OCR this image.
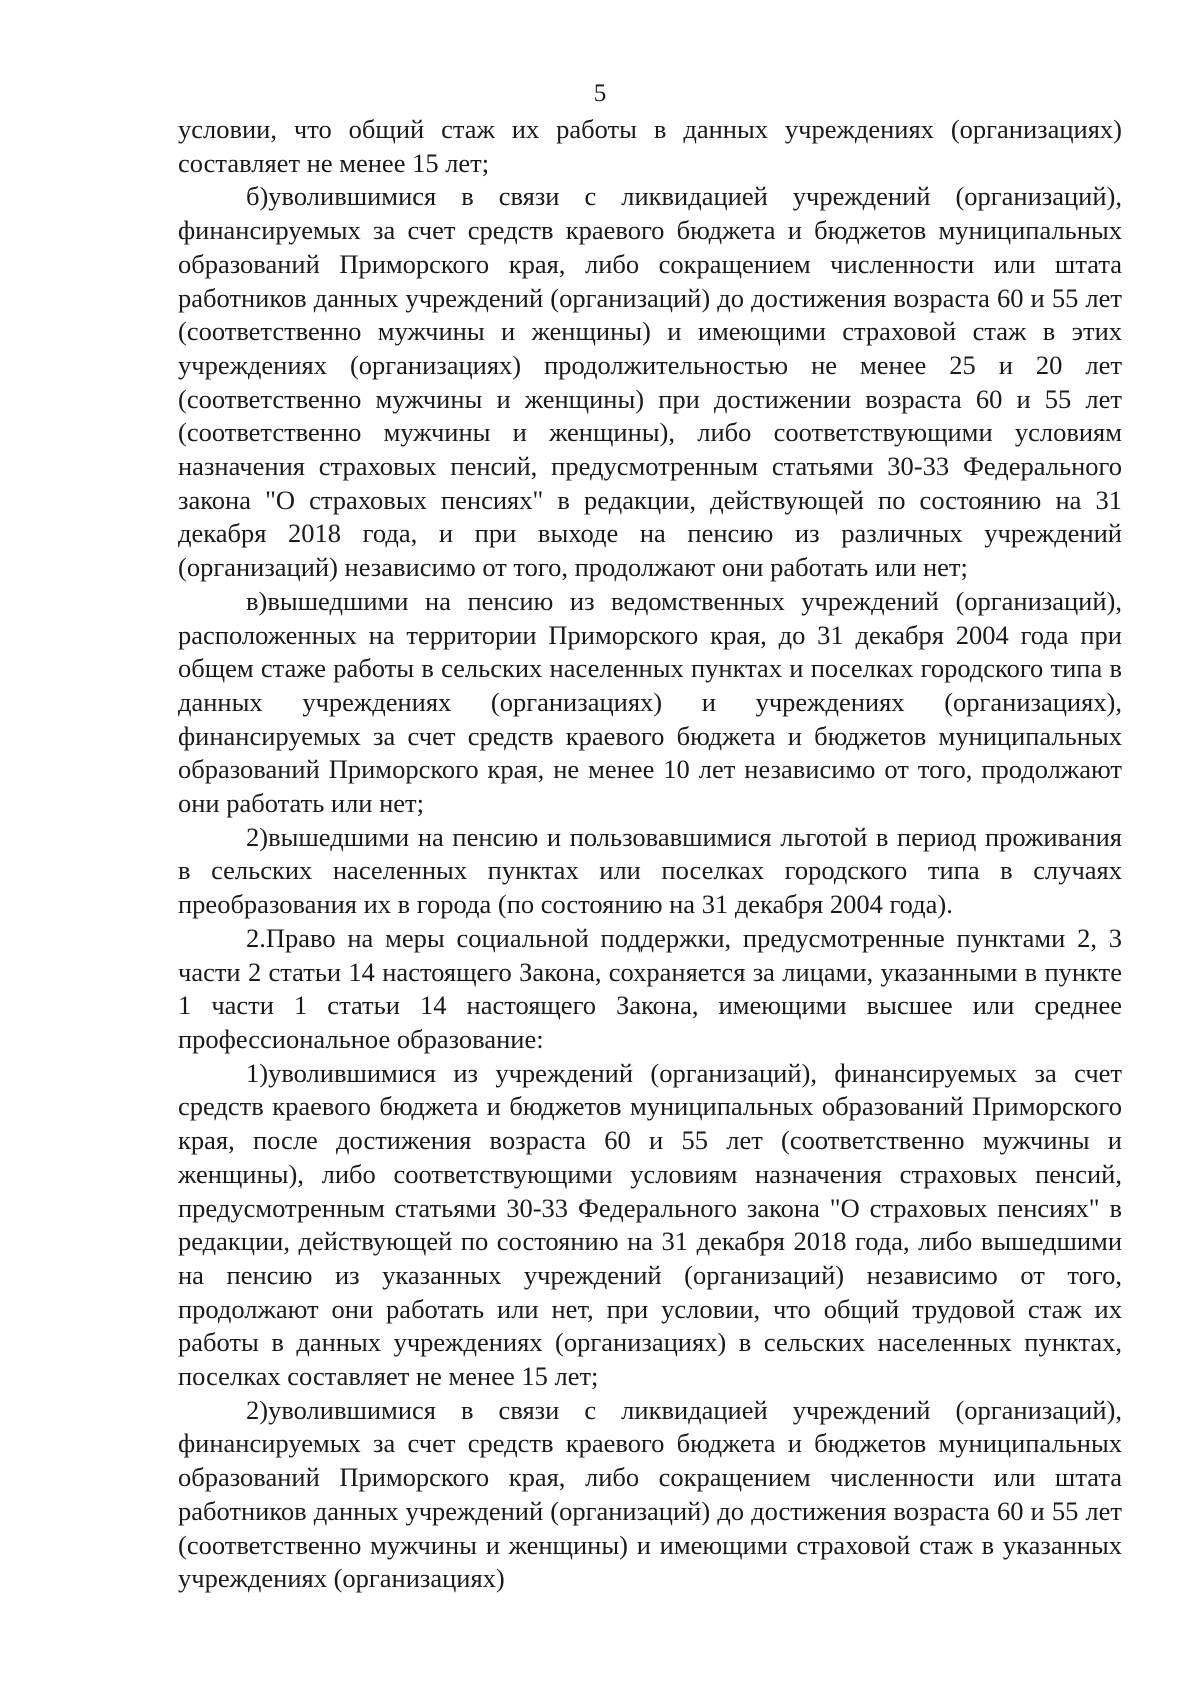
5

условии, что общий стаж их работы в данных учреждениях (организациях) составляет не менее 15 лет;

б)уволившимися в связи с ликвидацией учреждений (организаций), финансируемых за счет средств краевого бюджета и бюджетов муниципальных образований Приморского края, либо сокращением численности или штата работников данных учреждений (организаций) до достижения возраста 60 и 55 лет (соответственно мужчины и женщины) и имеющими страховой стаж в этих учреждениях (организациях) продолжительностью не менее 25 и 20 лет (соответственно мужчины и женщины) при достижении возраста 60 и 55 лет (соответственно мужчины и женщины), либо соответствующими условиям назначения страховых пенсий, предусмотренным статьями 30-33 Федерального закона "О страховых пенсиях" в редакции, действующей по состоянию на 31 декабря 2018 года, и при выходе на пенсию из различных учреждений (организаций) независимо от того, продолжают они работать или нет;

в)вышедшими на пенсию из ведомственных учреждений (организаций), расположенных на территории Приморского края, до 31 декабря 2004 года при общем стаже работы в сельских населенных пунктах и поселках городского типа в данных учреждениях (организациях) и учреждениях (организациях), финансируемых за счет средств краевого бюджета и бюджетов муниципальных образований Приморского края, не менее 10 лет независимо от того, продолжают они работать или нет;

2)вышедшими на пенсию и пользовавшимися льготой в период проживания в сельских населенных пунктах или поселках городского типа в случаях преобразования их в города (по состоянию на 31 декабря 2004 года).

2.Право на меры социальной поддержки, предусмотренные пунктами 2, 3 части 2 статьи 14 настоящего Закона, сохраняется за лицами, указанными в пункте 1 части 1 статьи 14 настоящего Закона, имеющими высшее или среднее профессиональное образование:

1)уволившимися из учреждений (организаций), финансируемых за счет средств краевого бюджета и бюджетов муниципальных образований Приморского края, после достижения возраста 60 и 55 лет (соответственно мужчины и женщины), либо соответствующими условиям назначения страховых пенсий, предусмотренным статьями 30-33 Федерального закона "О страховых пенсиях" в редакции, действующей по состоянию на 31 декабря 2018 года, либо вышедшими на пенсию из указанных учреждений (организаций) независимо от того, продолжают они работать или нет, при условии, что общий трудовой стаж их работы в данных учреждениях (организациях) в сельских населенных пунктах, поселках составляет не менее 15 лет;

2)уволившимися в связи с ликвидацией учреждений (организаций), финансируемых за счет средств краевого бюджета и бюджетов муниципальных образований Приморского края, либо сокращением численности или штата работников данных учреждений (организаций) до достижения возраста 60 и 55 лет (соответственно мужчины и женщины) и имеющими страховой стаж в указанных учреждениях (организациях)
